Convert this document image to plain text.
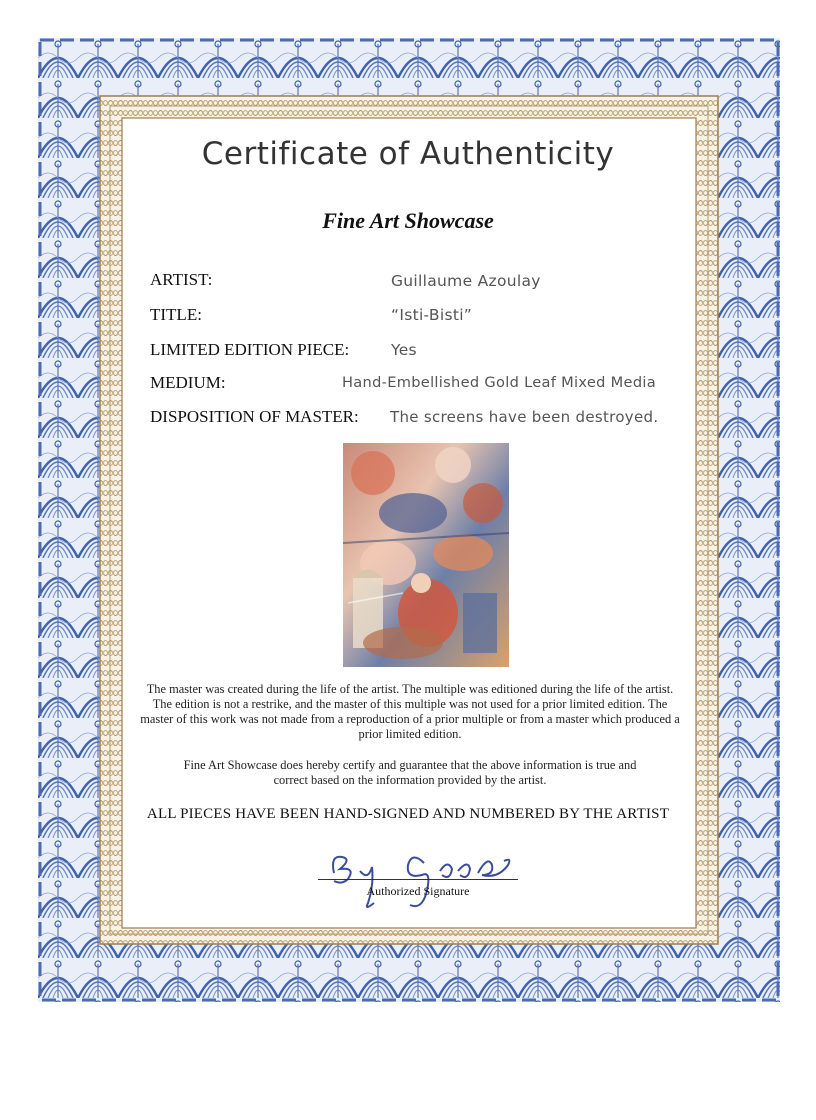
Certificate of Authenticity
Fine Art Showcase
ARTIST:	Guillaume Azoulay
TITLE:	“Isti-Bisti”
LIMITED EDITION PIECE:	Yes
MEDIUM:	Hand-Embellished Gold Leaf Mixed Media
DISPOSITION OF MASTER: The screens have been destroyed.

The master was created during the life of the artist. The multiple was editioned during the life of the artist. The edition is not a restrike, and the master of this multiple was not used for a prior limited edition. The master of this work was not made from a reproduction of a prior multiple or from a master which produced a prior limited edition.

Fine Art Showcase does hereby certify and guarantee that the above information is true and correct based on the information provided by the artist.

ALL PIECES HAVE BEEN HAND-SIGNED AND NUMBERED BY THE ARTIST

Authorized Signature
